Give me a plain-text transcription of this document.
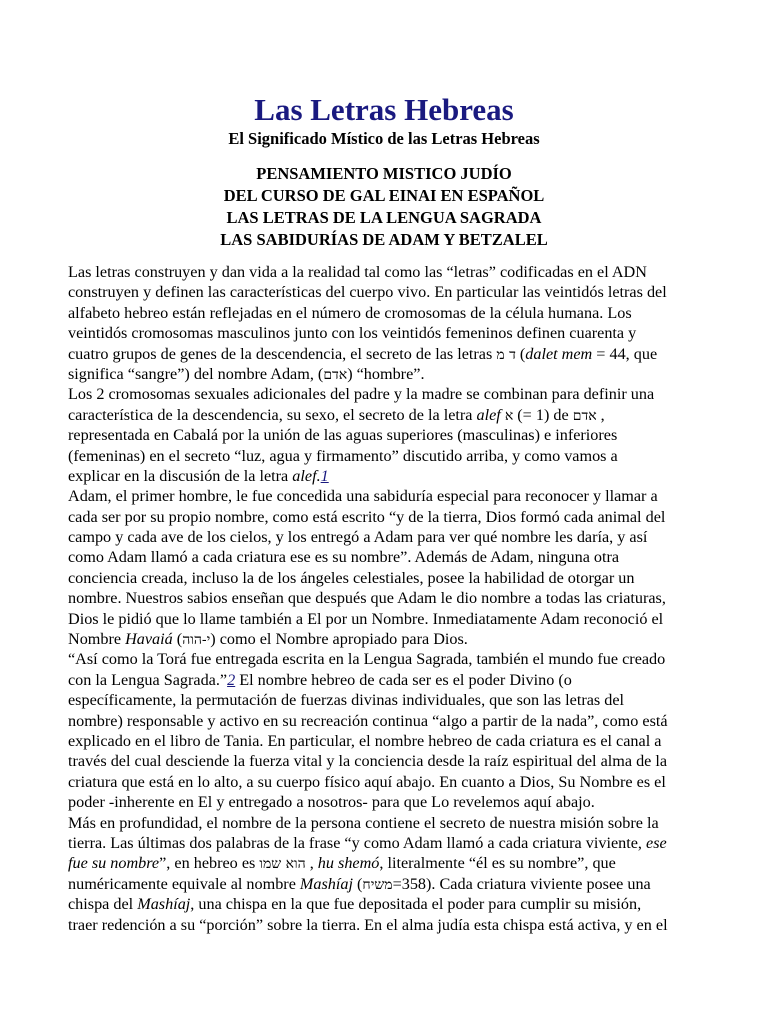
Las Letras Hebreas
El Significado Místico de las Letras Hebreas
PENSAMIENTO MISTICO JUDÍO
DEL CURSO DE GAL EINAI EN ESPAÑOL
LAS LETRAS DE LA LENGUA SAGRADA
LAS SABIDURÍAS DE ADAM Y BETZALEL
Las letras construyen y dan vida a la realidad tal como las “letras” codificadas en el ADN
construyen y definen las características del cuerpo vivo. En particular las veintidós letras del
alfabeto hebreo están reflejadas en el número de cromosomas de la célula humana. Los
veintidós cromosomas masculinos junto con los veintidós femeninos definen cuarenta y
cuatro grupos de genes de la descendencia, el secreto de las letras ד מ (dalet mem = 44, que
significa “sangre”) del nombre Adam, (אדם) “hombre”.
Los 2 cromosomas sexuales adicionales del padre y la madre se combinan para definir una
característica de la descendencia, su sexo, el secreto de la letra alef א (= 1) de אדם ,
representada en Cabalá por la unión de las aguas superiores (masculinas) e inferiores
(femeninas) en el secreto “luz, agua y firmamento” discutido arriba, y como vamos a
explicar en la discusión de la letra alef.1
Adam, el primer hombre, le fue concedida una sabiduría especial para reconocer y llamar a
cada ser por su propio nombre, como está escrito “y de la tierra, Dios formó cada animal del
campo y cada ave de los cielos, y los entregó a Adam para ver qué nombre les daría, y así
como Adam llamó a cada criatura ese es su nombre”. Además de Adam, ninguna otra
conciencia creada, incluso la de los ángeles celestiales, posee la habilidad de otorgar un
nombre. Nuestros sabios enseñan que después que Adam le dio nombre a todas las criaturas,
Dios le pidió que lo llame también a El por un Nombre. Inmediatamente Adam reconoció el
Nombre Havaiá (י-הוה) como el Nombre apropiado para Dios.
“Así como la Torá fue entregada escrita en la Lengua Sagrada, también el mundo fue creado
con la Lengua Sagrada.”2 El nombre hebreo de cada ser es el poder Divino (o
específicamente, la permutación de fuerzas divinas individuales, que son las letras del
nombre) responsable y activo en su recreación continua “algo a partir de la nada”, como está
explicado en el libro de Tania. En particular, el nombre hebreo de cada criatura es el canal a
través del cual desciende la fuerza vital y la conciencia desde la raíz espiritual del alma de la
criatura que está en lo alto, a su cuerpo físico aquí abajo. En cuanto a Dios, Su Nombre es el
poder -inherente en El y entregado a nosotros- para que Lo revelemos aquí abajo.
Más en profundidad, el nombre de la persona contiene el secreto de nuestra misión sobre la
tierra. Las últimas dos palabras de la frase “y como Adam llamó a cada criatura viviente, ese
fue su nombre”, en hebreo es הוא שמו , hu shemó, literalmente “él es su nombre”, que
numéricamente equivale al nombre Mashíaj (משיח=358). Cada criatura viviente posee una
chispa del Mashíaj, una chispa en la que fue depositada el poder para cumplir su misión,
traer redención a su “porción” sobre la tierra. En el alma judía esta chispa está activa, y en el
